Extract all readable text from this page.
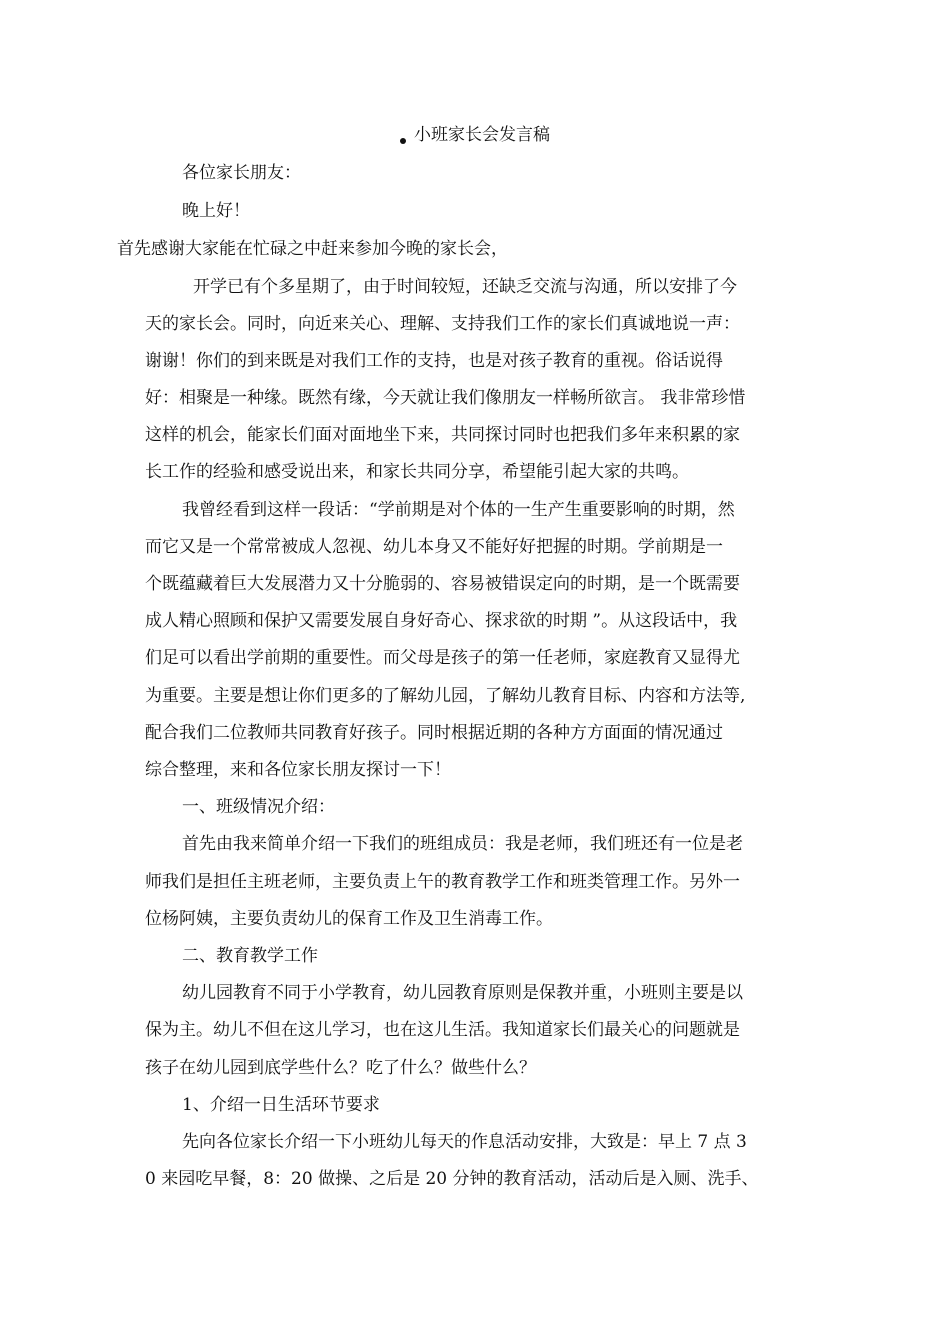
小班家长会发言稿
各位家长朋友：
晚上好！
首先感谢大家能在忙碌之中赶来参加今晚的家长会，
开学已有个多星期了，由于时间较短，还缺乏交流与沟通，所以安排了今
天的家长会。同时，向近来关心、理解、支持我们工作的家长们真诚地说一声：
谢谢！你们的到来既是对我们工作的支持，也是对孩子教育的重视。俗话说得
好：相聚是一种缘。既然有缘，今天就让我们像朋友一样畅所欲言。 我非常珍惜
这样的机会，能家长们面对面地坐下来，共同探讨同时也把我们多年来积累的家
长工作的经验和感受说出来，和家长共同分享，希望能引起大家的共鸣。
我曾经看到这样一段话：“学前期是对个体的一生产生重要影响的时期，然
而它又是一个常常被成人忽视、幼儿本身又不能好好把握的时期。学前期是一
个既蕴藏着巨大发展潜力又十分脆弱的、容易被错误定向的时期，是一个既需要
成人精心照顾和保护又需要发展自身好奇心、探求欲的时期 ”。从这段话中，我
们足可以看出学前期的重要性。而父母是孩子的第一任老师，家庭教育又显得尤
为重要。主要是想让你们更多的了解幼儿园，了解幼儿教育目标、内容和方法等,
配合我们二位教师共同教育好孩子。同时根据近期的各种方方面面的情况通过
综合整理，来和各位家长朋友探讨一下！
一、班级情况介绍：
首先由我来简单介绍一下我们的班组成员：我是老师，我们班还有一位是老
师我们是担任主班老师，主要负责上午的教育教学工作和班类管理工作。另外一
位杨阿姨，主要负责幼儿的保育工作及卫生消毒工作。
二、教育教学工作
幼儿园教育不同于小学教育，幼儿园教育原则是保教并重，小班则主要是以
保为主。幼儿不但在这儿学习，也在这儿生活。我知道家长们最关心的问题就是
孩子在幼儿园到底学些什么？吃了什么？做些什么？
1、介绍一日生活环节要求
先向各位家长介绍一下小班幼儿每天的作息活动安排，大致是：早上 7 点 3
0 来园吃早餐，8：20 做操、之后是 20 分钟的教育活动，活动后是入厕、洗手、
